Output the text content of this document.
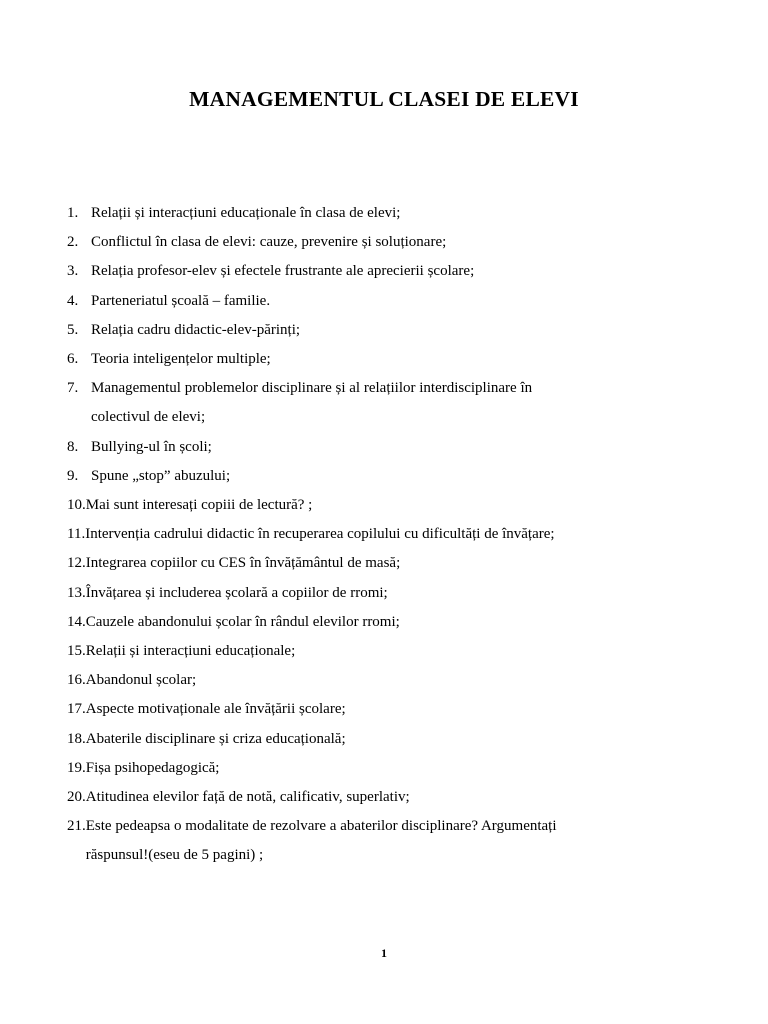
MANAGEMENTUL CLASEI DE ELEVI
1. Relații și interacțiuni educaționale în clasa de elevi;
2. Conflictul în clasa de elevi: cauze, prevenire și soluționare;
3. Relația profesor-elev și efectele frustrante ale aprecierii școlare;
4. Parteneriatul școală – familie.
5. Relația cadru didactic-elev-părinți;
6. Teoria inteligențelor multiple;
7. Managementul problemelor disciplinare și al relațiilor interdisciplinare în
colectivul de elevi;
8. Bullying-ul în școli;
9. Spune „stop” abuzului;
10. Mai sunt interesați copiii de lectură? ;
11. Intervenția cadrului didactic în recuperarea copilului cu dificultăți de învățare;
12. Integrarea copiilor cu CES în învățământul de masă;
13. Învățarea și includerea școlară a copiilor de rromi;
14. Cauzele abandonului școlar în rândul elevilor rromi;
15. Relații și interacțiuni educaționale;
16. Abandonul școlar;
17. Aspecte motivaționale ale învățării școlare;
18. Abaterile disciplinare și criza educațională;
19. Fișa psihopedagogică;
20. Atitudinea elevilor față de notă, calificativ, superlativ;
21. Este pedeapsa o modalitate de rezolvare a abaterilor disciplinare? Argumentați
răspunsul!(eseu de 5 pagini) ;
1
